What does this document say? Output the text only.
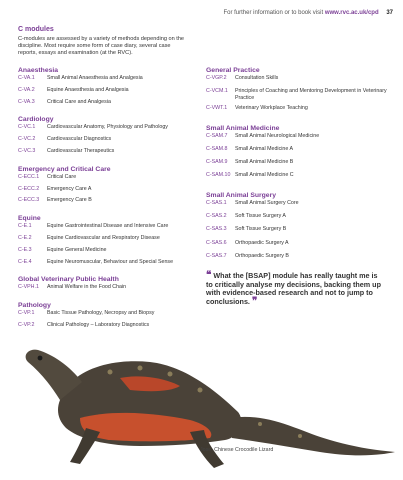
For further information or to book visit www.rvc.ac.uk/cpd 37
C modules

C-modules are assessed by a variety of methods depending on the discipline. Most require some form of case diary, several case reports, essays and examination (at the RVC).

Anaesthesia
C-VA.1	Small Animal Anaesthesia and Analgesia
C-VA.2	Equine Anaesthesia and Analgesia
C-VA.3	Critical Care and Analgesia
Cardiology
C-VC.1	Cardiovascular Anatomy, Physiology and Pathology
C-VC.2	Cardiovascular Diagnostics
C-VC.3	Cardiovascular Therapeutics
Emergency and Critical Care
C-ECC.1	Critical Care
C-ECC.2	Emergency Care A
C-ECC.3	Emergency Care B
Equine
C-E.1	Equine Gastrointestinal Disease and Intensive Care
C-E.2	Equine Cardiovascular and Respiratory Disease
C-E.3	Equine General Medicine
C-E.4	Equine Neuromuscular, Behaviour and Special Sense
Global Veterinary Public Health
C-VPH.1	Animal Welfare in the Food Chain
Pathology
C-VP.1	Basic Tissue Pathology, Necropsy and Biopsy
C-VP.2	Clinical Pathology – Laboratory Diagnostics
General Practice
C-VGP.2	Consultation Skills
C-VCM.1	Principles of Coaching and Mentoring Development in Veterinary Practice
C-VWT.1	Veterinary Workplace Teaching
Small Animal Medicine
C-SAM.7	Small Animal Neurological Medicine
C-SAM.8	Small Animal Medicine A
C-SAM.9	Small Animal Medicine B
C-SAM.10 Small Animal Medicine C
Small Animal Surgery
C-SAS.1	Small Animal Surgery Core
C-SAS.2	Soft Tissue Surgery A
C-SAS.3	Soft Tissue Surgery B
C-SAS.6	Orthopaedic Surgery A
C-SAS.7	Orthopaedic Surgery B
❝ What the [BSAP] module has really taught me is to critically analyse my decisions, backing them up with evidence-based research and not to jump to conclusions. ❞
Jose, Chinese Crocodile Lizard
